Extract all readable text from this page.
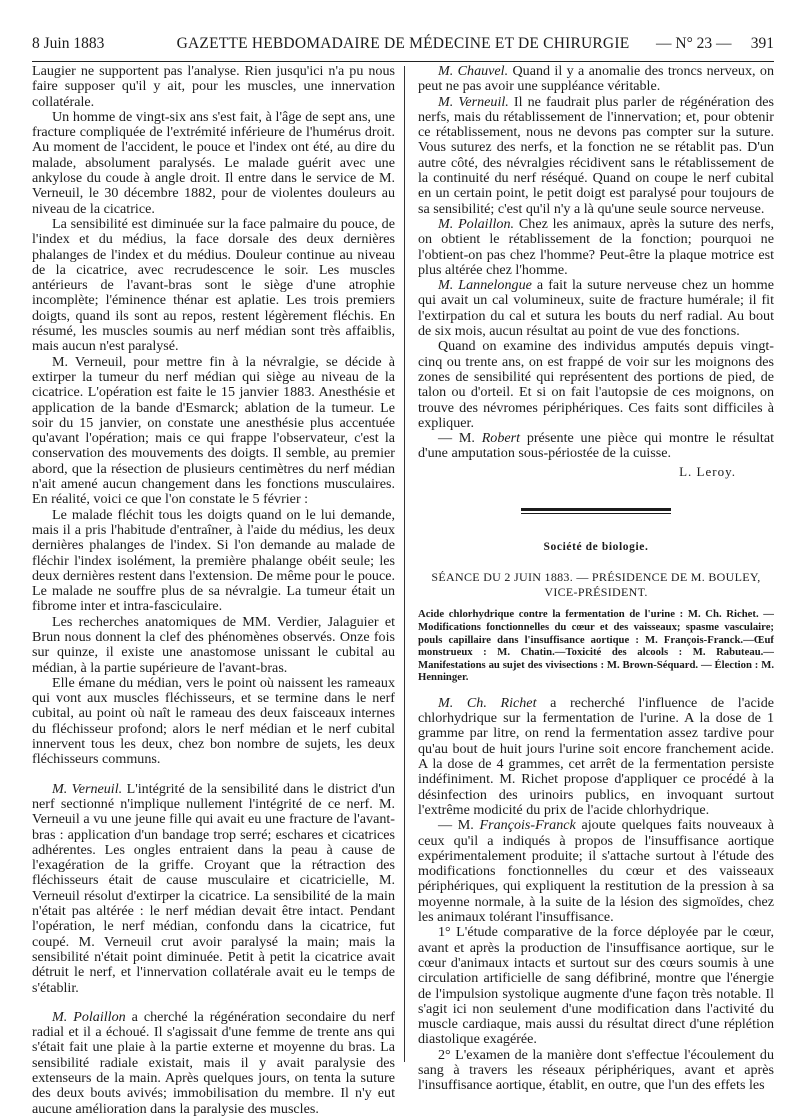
8 Juin 1883	GAZETTE HEBDOMADAIRE DE MÉDECINE ET DE CHIRURGIE	— N° 23 — 391

Laugier ne supportent pas l'analyse. Rien jusqu'ici n'a pu nous faire supposer qu'il y ait, pour les muscles, une innervation collatérale.

Un homme de vingt-six ans s'est fait, à l'âge de sept ans, une fracture compliquée de l'extrémité inférieure de l'humérus droit. Au moment de l'accident, le pouce et l'index ont été, au dire du malade, absolument paralysés. Le malade guérit avec une ankylose du coude à angle droit. Il entre dans le service de M. Verneuil, le 30 décembre 1882, pour de violentes douleurs au niveau de la cicatrice.

La sensibilité est diminuée sur la face palmaire du pouce, de l'index et du médius, la face dorsale des deux dernières phalanges de l'index et du médius. Douleur continue au niveau de la cicatrice, avec recrudescence le soir. Les muscles antérieurs de l'avant-bras sont le siège d'une atrophie incomplète; l'éminence thénar est aplatie. Les trois premiers doigts, quand ils sont au repos, restent légèrement fléchis. En résumé, les muscles soumis au nerf médian sont très affaiblis, mais aucun n'est paralysé.

M. Verneuil, pour mettre fin à la névralgie, se décide à extirper la tumeur du nerf médian qui siège au niveau de la cicatrice. L'opération est faite le 15 janvier 1883. Anesthésie et application de la bande d'Esmarck; ablation de la tumeur. Le soir du 15 janvier, on constate une anesthésie plus accentuée qu'avant l'opération; mais ce qui frappe l'observateur, c'est la conservation des mouvements des doigts. Il semble, au premier abord, que la résection de plusieurs centimètres du nerf médian n'ait amené aucun changement dans les fonctions musculaires. En réalité, voici ce que l'on constate le 5 février :

Le malade fléchit tous les doigts quand on le lui demande, mais il a pris l'habitude d'entraîner, à l'aide du médius, les deux dernières phalanges de l'index. Si l'on demande au malade de fléchir l'index isolément, la première phalange obéit seule; les deux dernières restent dans l'extension. De même pour le pouce. Le malade ne souffre plus de sa névralgie. La tumeur était un fibrome inter et intra-fasciculaire.

Les recherches anatomiques de MM. Verdier, Jalaguier et Brun nous donnent la clef des phénomènes observés. Onze fois sur quinze, il existe une anastomose unissant le cubital au médian, à la partie supérieure de l'avant-bras.

Elle émane du médian, vers le point où naissent les rameaux qui vont aux muscles fléchisseurs, et se termine dans le nerf cubital, au point où naît le rameau des deux faisceaux internes du fléchisseur profond; alors le nerf médian et le nerf cubital innervent tous les deux, chez bon nombre de sujets, les deux fléchisseurs communs.

M. Verneuil. L'intégrité de la sensibilité dans le district d'un nerf sectionné n'implique nullement l'intégrité de ce nerf. M. Verneuil a vu une jeune fille qui avait eu une fracture de l'avant-bras : application d'un bandage trop serré; eschares et cicatrices adhérentes. Les ongles entraient dans la peau à cause de l'exagération de la griffe. Croyant que la rétraction des fléchisseurs était de cause musculaire et cicatricielle, M. Verneuil résolut d'extirper la cicatrice. La sensibilité de la main n'était pas altérée : le nerf médian devait être intact. Pendant l'opération, le nerf médian, confondu dans la cicatrice, fut coupé. M. Verneuil crut avoir paralysé la main; mais la sensibilité n'était point diminuée. Petit à petit la cicatrice avait détruit le nerf, et l'innervation collatérale avait eu le temps de s'établir.

M. Polaillon a cherché la régénération secondaire du nerf radial et il a échoué. Il s'agissait d'une femme de trente ans qui s'était fait une plaie à la partie externe et moyenne du bras. La sensibilité radiale existait, mais il y avait paralysie des extenseurs de la main. Après quelques jours, on tenta la suture des deux bouts avivés; immobilisation du membre. Il n'y eut aucune amélioration dans la paralysie des muscles.

M. Chauvel. Quand il y a anomalie des troncs nerveux, on peut ne pas avoir une suppléance véritable.

M. Verneuil. Il ne faudrait plus parler de régénération des nerfs, mais du rétablissement de l'innervation; et, pour obtenir ce rétablissement, nous ne devons pas compter sur la suture. Vous suturez des nerfs, et la fonction ne se rétablit pas. D'un autre côté, des névralgies récidivent sans le rétablissement de la continuité du nerf réséqué. Quand on coupe le nerf cubital en un certain point, le petit doigt est paralysé pour toujours de sa sensibilité; c'est qu'il n'y a là qu'une seule source nerveuse.

M. Polaillon. Chez les animaux, après la suture des nerfs, on obtient le rétablissement de la fonction; pourquoi ne l'obtient-on pas chez l'homme? Peut-être la plaque motrice est plus altérée chez l'homme.

M. Lannelongue a fait la suture nerveuse chez un homme qui avait un cal volumineux, suite de fracture humérale; il fit l'extirpation du cal et sutura les bouts du nerf radial. Au bout de six mois, aucun résultat au point de vue des fonctions.

Quand on examine des individus amputés depuis vingt-cinq ou trente ans, on est frappé de voir sur les moignons des zones de sensibilité qui représentent des portions de pied, de talon ou d'orteil. Et si on fait l'autopsie de ces moignons, on trouve des névromes périphériques. Ces faits sont difficiles à expliquer.

— M. Robert présente une pièce qui montre le résultat d'une amputation sous-périostée de la cuisse.

L. Leroy.
Société de biologie.
SÉANCE DU 2 JUIN 1883. — PRÉSIDENCE DE M. BOULEY, VICE-PRÉSIDENT.
Acide chlorhydrique contre la fermentation de l'urine : M. Ch. Richet. — Modifications fonctionnelles du cœur et des vaisseaux; spasme vasculaire; pouls capillaire dans l'insuffisance aortique : M. François-Franck.—Œuf monstrueux : M. Chatin.—Toxicité des alcools : M. Rabuteau.—Manifestations au sujet des vivisections : M. Brown-Séquard. — Élection : M. Henninger.

M. Ch. Richet a recherché l'influence de l'acide chlorhydrique sur la fermentation de l'urine. A la dose de 1 gramme par litre, on rend la fermentation assez tardive pour qu'au bout de huit jours l'urine soit encore franchement acide. A la dose de 4 grammes, cet arrêt de la fermentation persiste indéfiniment. M. Richet propose d'appliquer ce procédé à la désinfection des urinoirs publics, en invoquant surtout l'extrême modicité du prix de l'acide chlorhydrique.

— M. François-Franck ajoute quelques faits nouveaux à ceux qu'il a indiqués à propos de l'insuffisance aortique expérimentalement produite; il s'attache surtout à l'étude des modifications fonctionnelles du cœur et des vaisseaux périphériques, qui expliquent la restitution de la pression à sa moyenne normale, à la suite de la lésion des sigmoïdes, chez les animaux tolérant l'insuffisance.

1° L'étude comparative de la force déployée par le cœur, avant et après la production de l'insuffisance aortique, sur le cœur d'animaux intacts et surtout sur des cœurs soumis à une circulation artificielle de sang défibriné, montre que l'énergie de l'impulsion systolique augmente d'une façon très notable. Il s'agit ici non seulement d'une modification dans l'activité du muscle cardiaque, mais aussi du résultat direct d'une réplétion diastolique exagérée.

2° L'examen de la manière dont s'effectue l'écoulement du sang à travers les réseaux périphériques, avant et après l'insuffisance aortique, établit, en outre, que l'un des effets les
